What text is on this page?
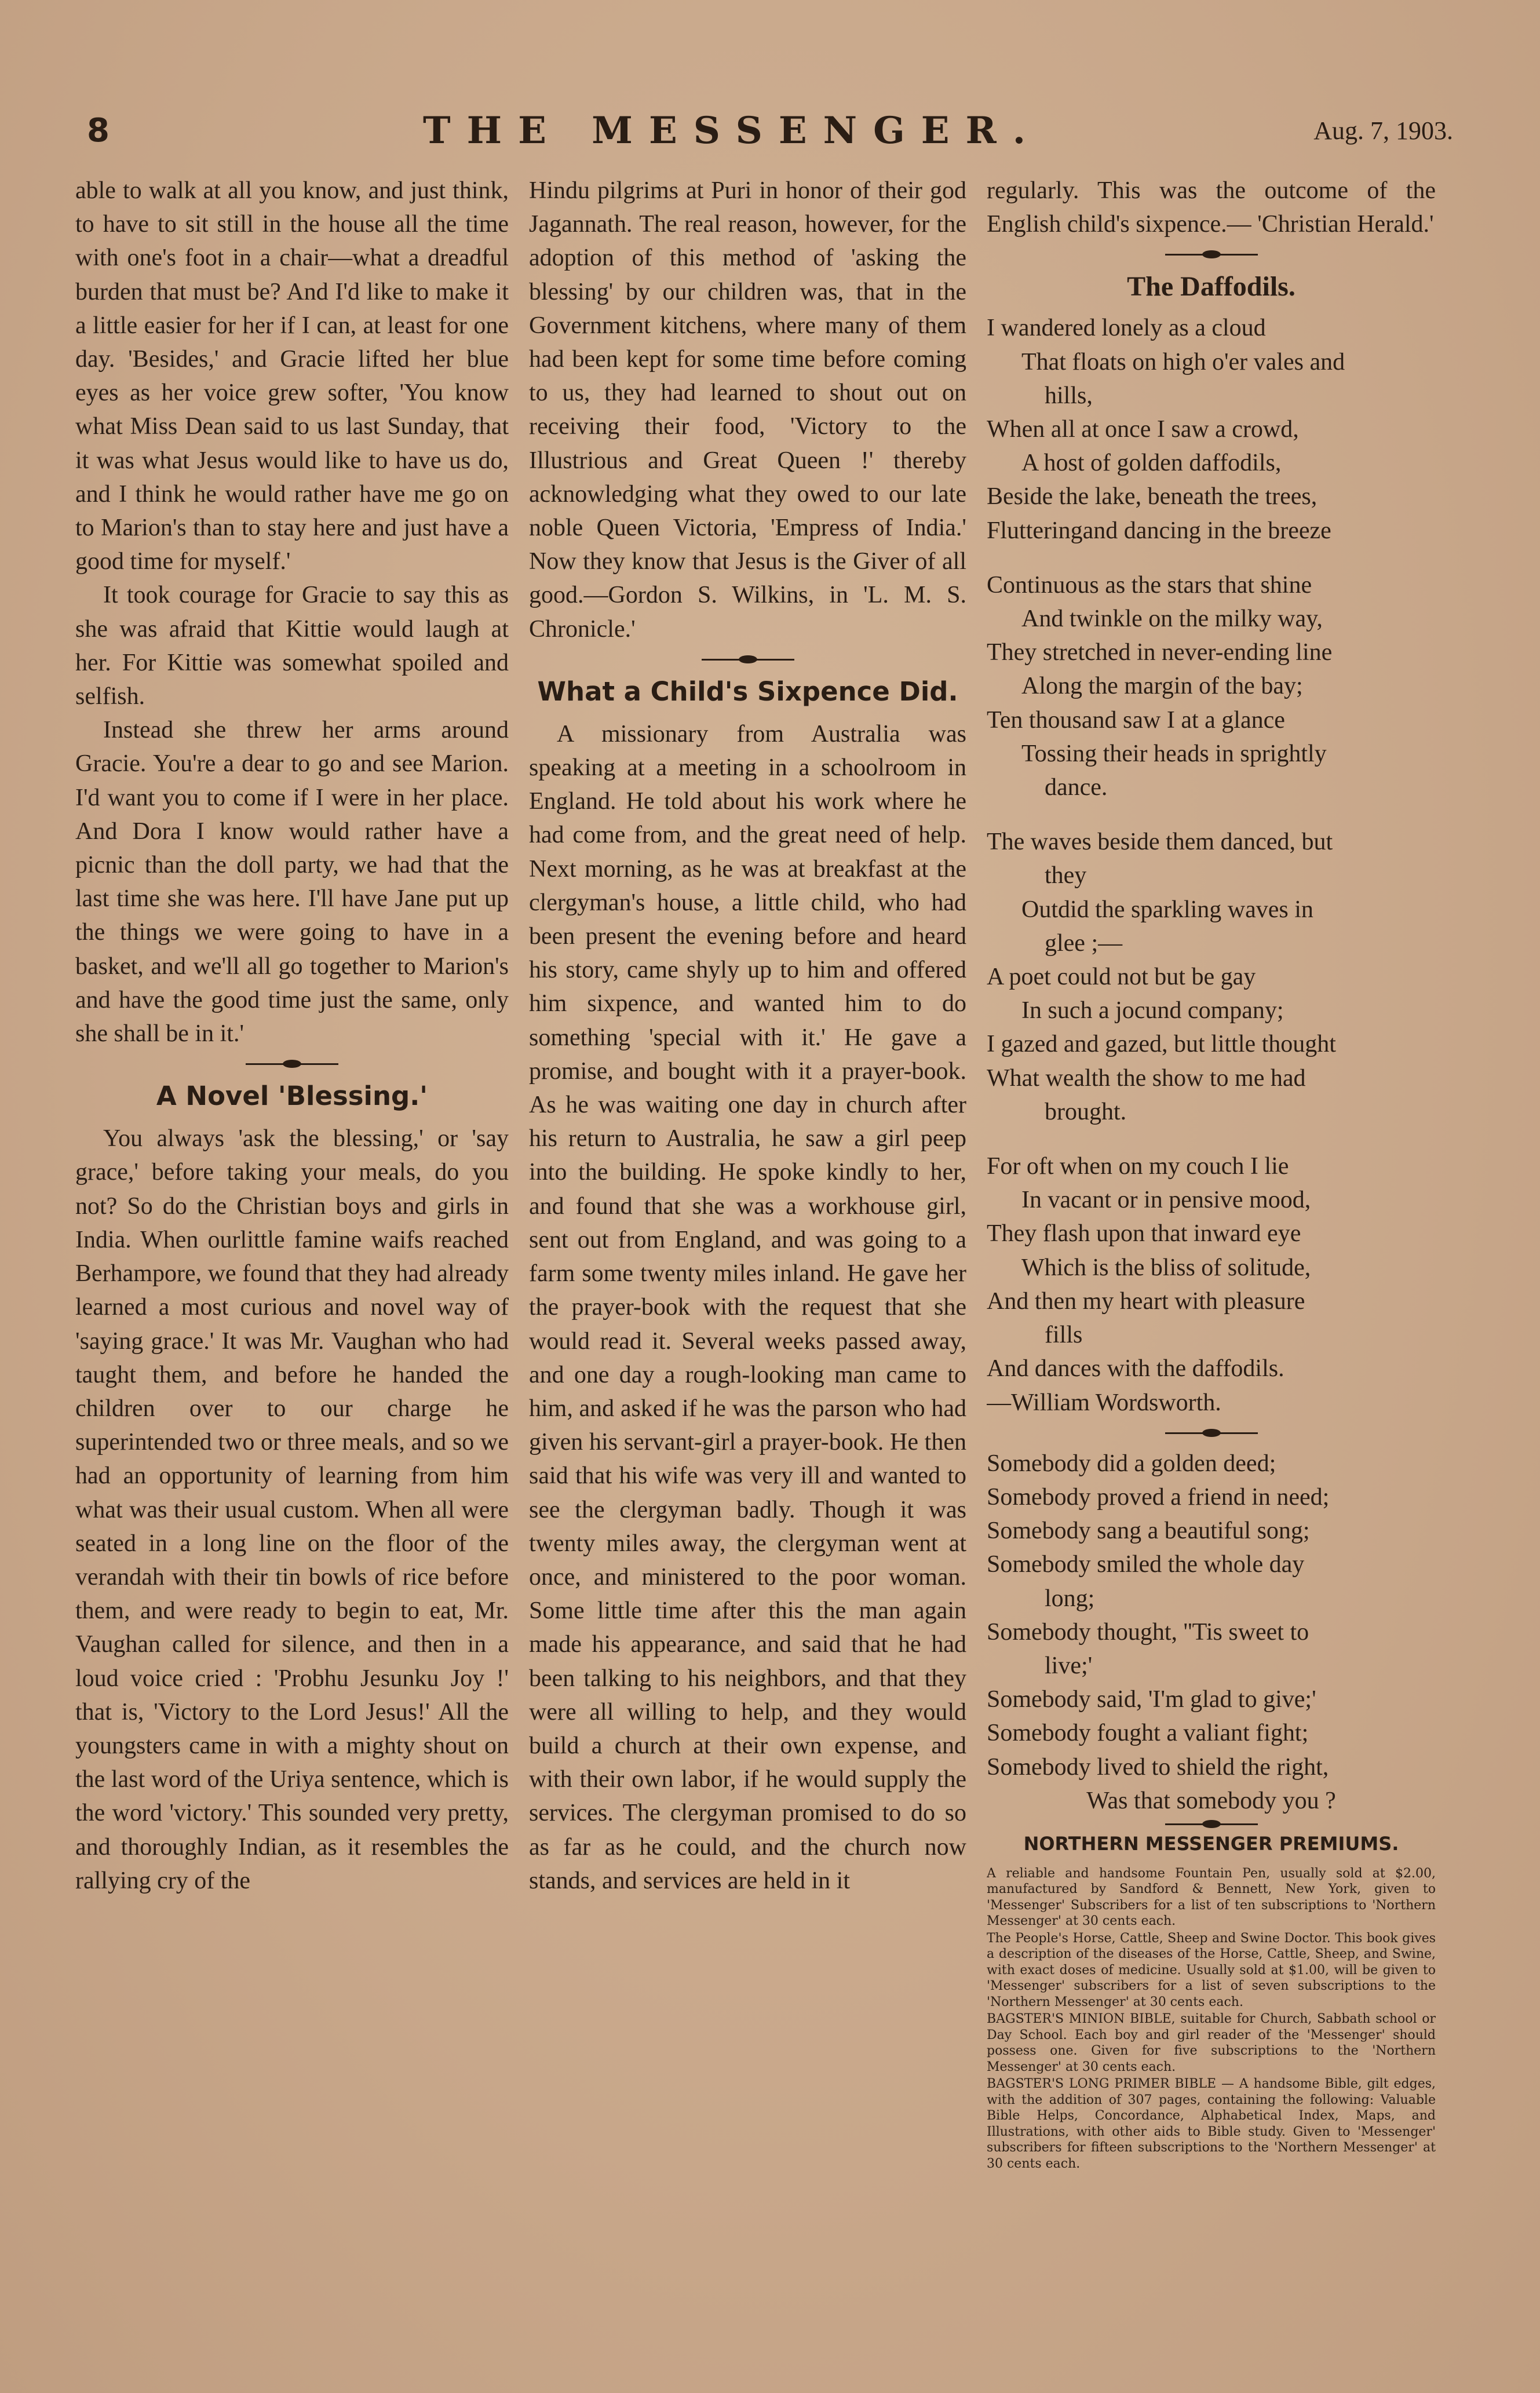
8	THE MESSENGER.	Aug. 7, 1903.

able to walk at all you know, and just think, to have to sit still in the house all the time with one's foot in a chair—what a dreadful burden that must be? And I'd like to make it a little easier for her if I can, at least for one day. 'Besides,' and Gracie lifted her blue eyes as her voice grew softer, 'You know what Miss Dean said to us last Sunday, that it was what Jesus would like to have us do, and I think he would rather have me go on to Marion's than to stay here and just have a good time for myself.'

It took courage for Gracie to say this as she was afraid that Kittie would laugh at her. For Kittie was somewhat spoiled and selfish.

Instead she threw her arms around Gracie. You're a dear to go and see Marion. I'd want you to come if I were in her place. And Dora I know would rather have a picnic than the doll party, we had that the last time she was here. I'll have Jane put up the things we were going to have in a basket, and we'll all go together to Marion's and have the good time just the same, only she shall be in it.'

A Novel 'Blessing.'

You always 'ask the blessing,' or 'say grace,' before taking your meals, do you not? So do the Christian boys and girls in India. When ourlittle famine waifs reached Berhampore, we found that they had already learned a most curious and novel way of 'saying grace.' It was Mr. Vaughan who had taught them, and before he handed the children over to our charge he superintended two or three meals, and so we had an opportunity of learning from him what was their usual custom. When all were seated in a long line on the floor of the verandah with their tin bowls of rice before them, and were ready to begin to eat, Mr. Vaughan called for silence, and then in a loud voice cried : 'Probhu Jesunku Joy !' that is, 'Victory to the Lord Jesus!' All the youngsters came in with a mighty shout on the last word of the Uriya sentence, which is the word 'victory.' This sounded very pretty, and thoroughly Indian, as it resembles the rallying cry of the

Hindu pilgrims at Puri in honor of their god Jagannath. The real reason, however, for the adoption of this method of 'asking the blessing' by our children was, that in the Government kitchens, where many of them had been kept for some time before coming to us, they had learned to shout out on receiving their food, 'Victory to the Illustrious and Great Queen !' thereby acknowledging what they owed to our late noble Queen Victoria, 'Empress of India.' Now they know that Jesus is the Giver of all good.—Gordon S. Wilkins, in 'L. M. S. Chronicle.'

What a Child's Sixpence Did.

A missionary from Australia was speaking at a meeting in a schoolroom in England. He told about his work where he had come from, and the great need of help. Next morning, as he was at breakfast at the clergyman's house, a little child, who had been present the evening before and heard his story, came shyly up to him and offered him sixpence, and wanted him to do something 'special with it.' He gave a promise, and bought with it a prayer-book. As he was waiting one day in church after his return to Australia, he saw a girl peep into the building. He spoke kindly to her, and found that she was a workhouse girl, sent out from England, and was going to a farm some twenty miles inland. He gave her the prayer-book with the request that she would read it. Several weeks passed away, and one day a rough-looking man came to him, and asked if he was the parson who had given his servant-girl a prayer-book. He then said that his wife was very ill and wanted to see the clergyman badly. Though it was twenty miles away, the clergyman went at once, and ministered to the poor woman. Some little time after this the man again made his appearance, and said that he had been talking to his neighbors, and that they were all willing to help, and they would build a church at their own expense, and with their own labor, if he would supply the services. The clergyman promised to do so as far as he could, and the church now stands, and services are held in it

regularly. This was the outcome of the English child's sixpence.— 'Christian Herald.'

The Daffodils.
I wandered lonely as a cloud
That floats on high o'er vales and
hills,
When all at once I saw a crowd,
A host of golden daffodils,
Beside the lake, beneath the trees,
Flutteringand dancing in the breeze
Continuous as the stars that shine
And twinkle on the milky way,
They stretched in never-ending line
Along the margin of the bay;
Ten thousand saw I at a glance
Tossing their heads in sprightly
dance.
The waves beside them danced, but
they
Outdid the sparkling waves in
glee ;—
A poet could not but be gay
In such a jocund company;
I gazed and gazed, but little thought
What wealth the show to me had
brought.
For oft when on my couch I lie
In vacant or in pensive mood,
They flash upon that inward eye
Which is the bliss of solitude,
And then my heart with pleasure
fills
And dances with the daffodils.
—William Wordsworth.
Somebody did a golden deed;
Somebody proved a friend in need;
Somebody sang a beautiful song;
Somebody smiled the whole day
long;
Somebody thought, ''Tis sweet to
live;'
Somebody said, 'I'm glad to give;'
Somebody fought a valiant fight;
Somebody lived to shield the right,
Was that somebody you ?
NORTHERN MESSENGER PREMIUMS.

A reliable and handsome Fountain Pen, usually sold at $2.00, manufactured by Sandford & Bennett, New York, given to 'Messenger' Subscribers for a list of ten subscriptions to 'Northern Messenger' at 30 cents each.

The People's Horse, Cattle, Sheep and Swine Doctor. This book gives a description of the diseases of the Horse, Cattle, Sheep, and Swine, with exact doses of medicine. Usually sold at $1.00, will be given to 'Messenger' subscribers for a list of seven subscriptions to the 'Northern Messenger' at 30 cents each.

BAGSTER'S MINION BIBLE, suitable for Church, Sabbath school or Day School. Each boy and girl reader of the 'Messenger' should possess one. Given for five subscriptions to the 'Northern Messenger' at 30 cents each.

BAGSTER'S LONG PRIMER BIBLE — A handsome Bible, gilt edges, with the addition of 307 pages, containing the following: Valuable Bible Helps, Concordance, Alphabetical Index, Maps, and Illustrations, with other aids to Bible study. Given to 'Messenger' subscribers for fifteen subscriptions to the 'Northern Messenger' at 30 cents each.
